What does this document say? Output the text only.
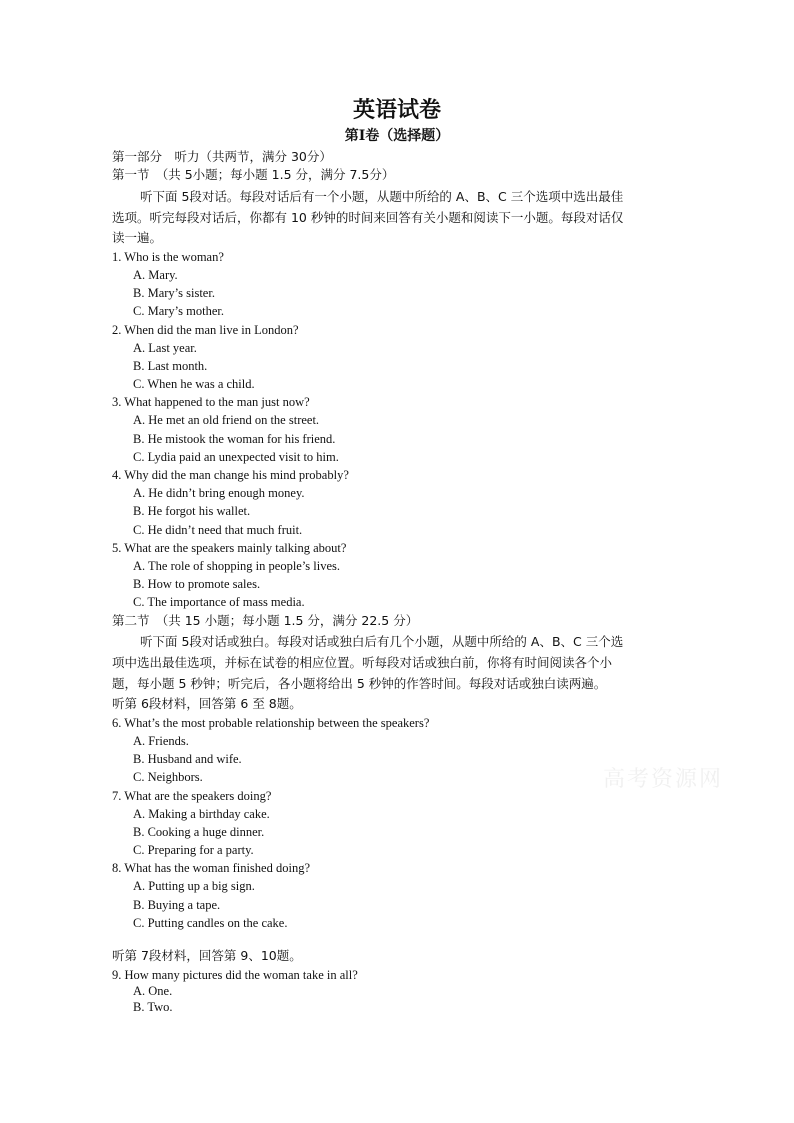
英语试卷
第I卷（选择题）
第一部分　听力（共两节，满分 30分）
第一节　（共 5小题；每小题 1.5 分，满分 7.5分）
听下面 5段对话。每段对话后有一个小题，从题中所给的 A、B、C 三个选项中选出最佳
选项。听完每段对话后，你都有 10 秒钟的时间来回答有关小题和阅读下一小题。每段对话仅
读一遍。
1. Who is the woman?
A. Mary.
B. Mary’s sister.
C. Mary’s mother.
2. When did the man live in London?
A. Last year.
B. Last month.
C. When he was a child.
3. What happened to the man just now?
A. He met an old friend on the street.
B. He mistook the woman for his friend.
C. Lydia paid an unexpected visit to him.
4. Why did the man change his mind probably?
A. He didn’t bring enough money.
B. He forgot his wallet.
C. He didn’t need that much fruit.
5. What are the speakers mainly talking about?
A. The role of shopping in people’s lives.
B. How to promote sales.
C. The importance of mass media.
第二节　（共 15 小题；每小题 1.5 分，满分 22.5 分）
听下面 5段对话或独白。每段对话或独白后有几个小题，从题中所给的 A、B、C 三个选
项中选出最佳选项，并标在试卷的相应位置。听每段对话或独白前，你将有时间阅读各个小
题，每小题 5 秒钟；听完后，各小题将给出 5 秒钟的作答时间。每段对话或独白读两遍。
听第 6段材料，回答第 6 至 8题。
6. What’s the most probable relationship between the speakers?
A. Friends.
B. Husband and wife.
C. Neighbors.
7. What are the speakers doing?
A. Making a birthday cake.
B. Cooking a huge dinner.
C. Preparing for a party.
8. What has the woman finished doing?
A. Putting up a big sign.
B. Buying a tape.
C. Putting candles on the cake.
听第 7段材料，回答第 9、10题。
9. How many pictures did the woman take in all?
A. One.
B. Two.
高考资源网
